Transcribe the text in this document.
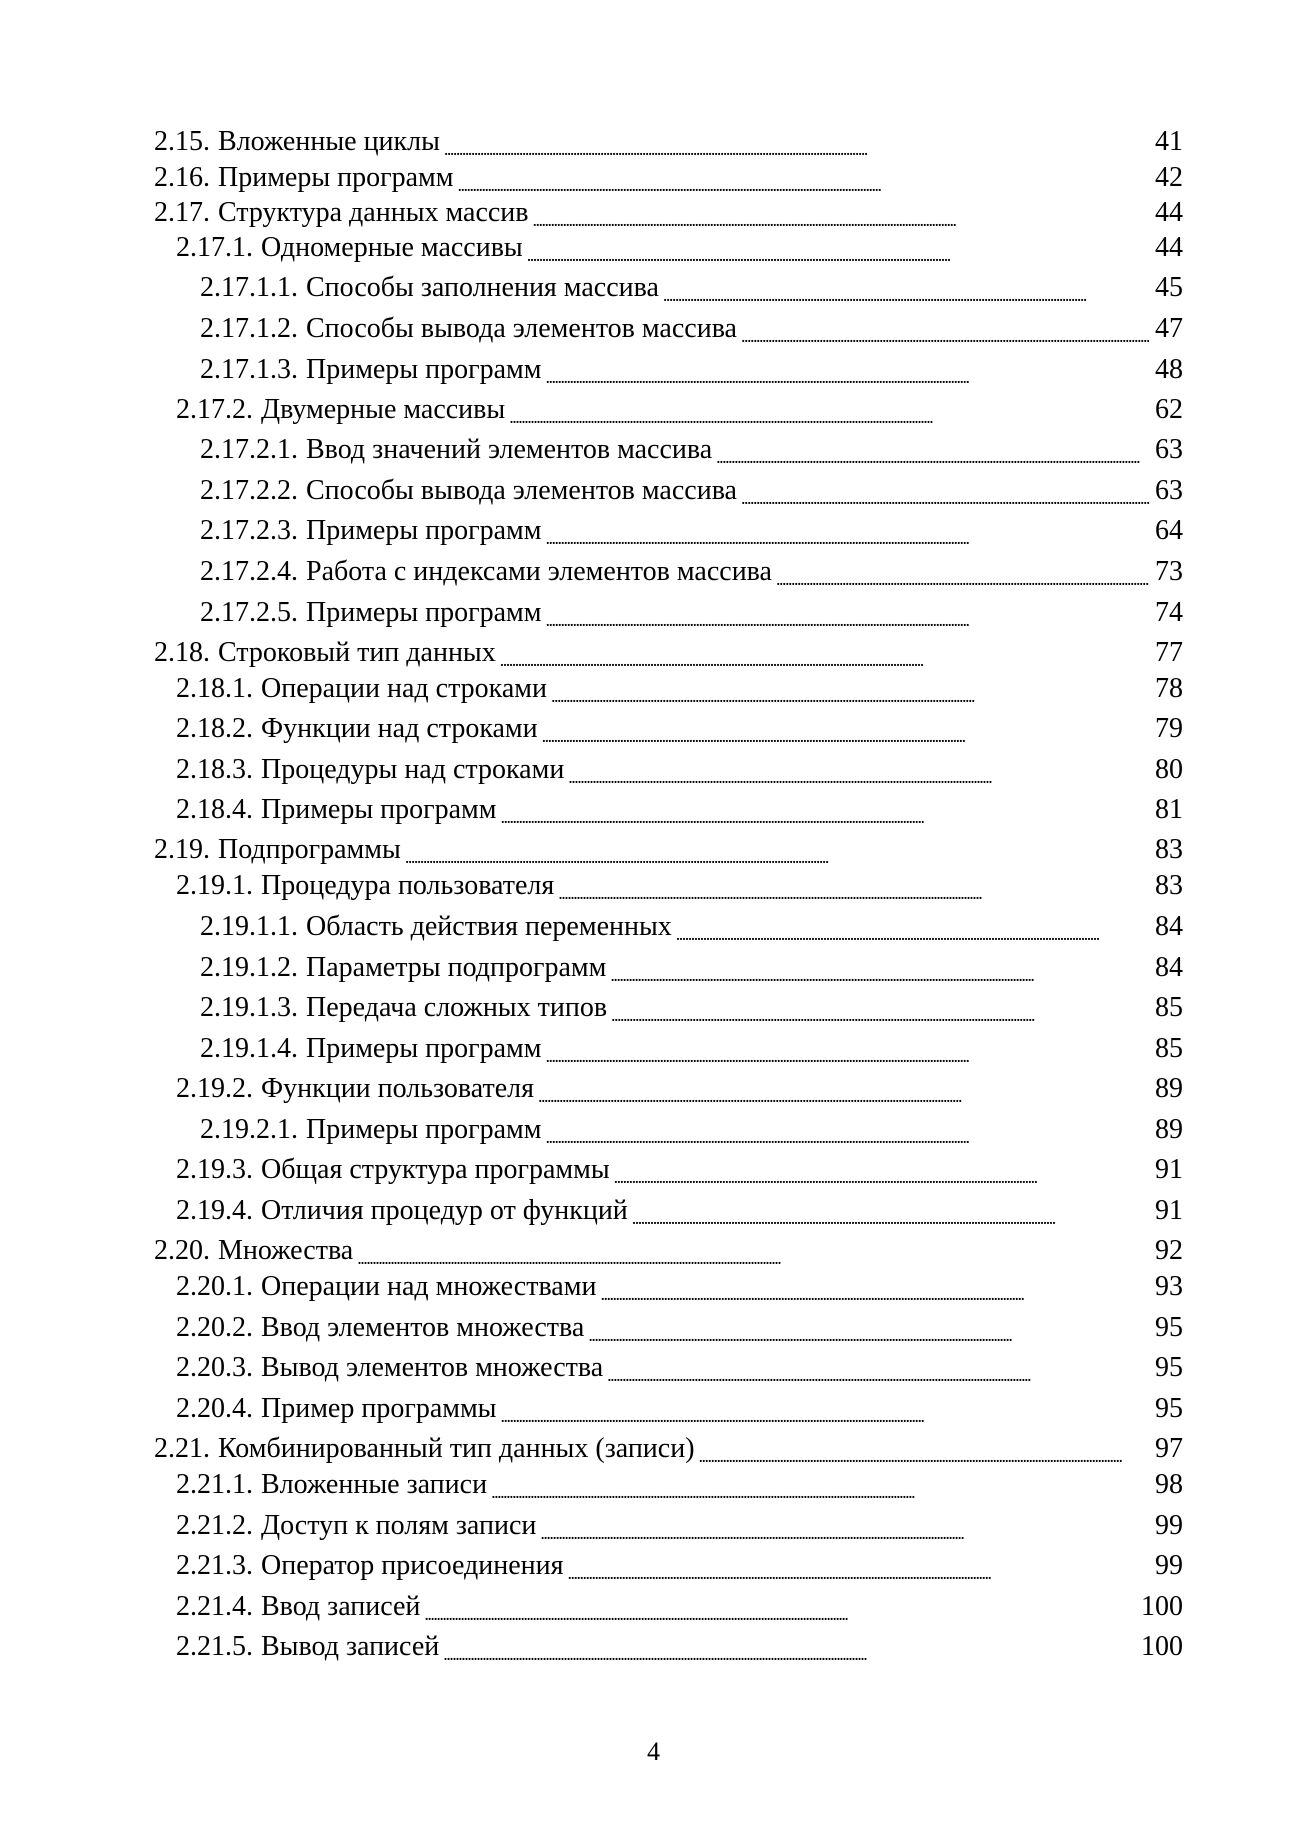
2.15. Вложенные циклы . . .	41
2.16. Примеры программ . . .	42
2.17. Структура данных массив . . .	44
2.17.1. Одномерные массивы . . .	44
2.17.1.1. Способы заполнения массива . . .	45
2.17.1.2. Способы вывода элементов массива . . .	47
2.17.1.3. Примеры программ . . .	48
2.17.2. Двумерные массивы . . .	62
2.17.2.1. Ввод значений элементов массива . . .	63
2.17.2.2. Способы вывода элементов массива . . .	63
2.17.2.3. Примеры программ . . .	64
2.17.2.4. Работа с индексами элементов массива . . .	73
2.17.2.5. Примеры программ . . .	74
2.18. Строковый тип данных . . .	77
2.18.1. Операции над строками . . .	78
2.18.2. Функции над строками . . .	79
2.18.3. Процедуры над строками . . .	80
2.18.4. Примеры программ . . .	81
2.19. Подпрограммы . . .	83
2.19.1. Процедура пользователя . . .	83
2.19.1.1. Область действия переменных . . .	84
2.19.1.2. Параметры подпрограмм . . .	84
2.19.1.3. Передача сложных типов . . .	85
2.19.1.4. Примеры программ . . .	85
2.19.2. Функции пользователя . . .	89
2.19.2.1. Примеры программ . . .	89
2.19.3. Общая структура программы . . .	91
2.19.4. Отличия процедур от функций . . .	91
2.20. Множества . . .	92
2.20.1. Операции над множествами . . .	93
2.20.2. Ввод элементов множества . . .	95
2.20.3. Вывод элементов множества . . .	95
2.20.4. Пример программы . . .	95
2.21. Комбинированный тип данных (записи) . . .	97
2.21.1. Вложенные записи . . .	98
2.21.2. Доступ к полям записи . . .	99
2.21.3. Оператор присоединения . . .	99
2.21.4. Ввод записей . . .	100
2.21.5. Вывод записей . . .	100
4
